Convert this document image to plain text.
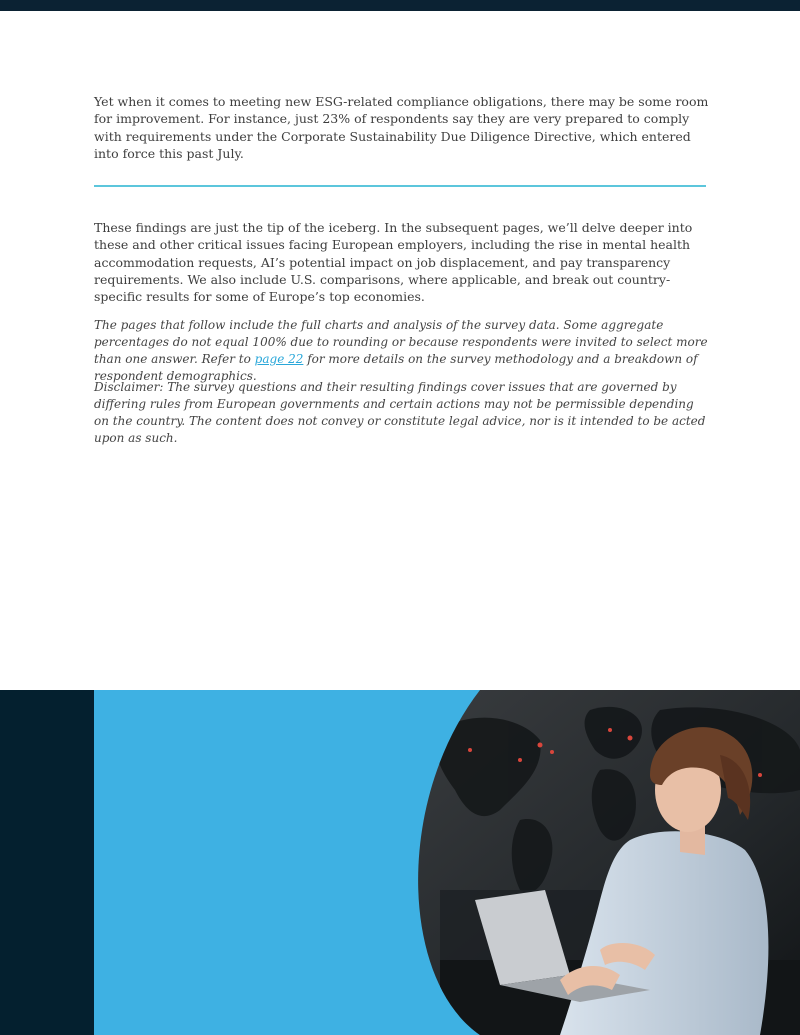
Yet when it comes to meeting new ESG-related compliance obligations, there may be some room for improvement. For instance, just 23% of respondents say they are very prepared to comply with requirements under the Corporate Sustainability Due Diligence Directive, which entered into force this past July.

These findings are just the tip of the iceberg. In the subsequent pages, we’ll delve deeper into these and other critical issues facing European employers, including the rise in mental health accommodation requests, AI’s potential impact on job displacement, and pay transparency requirements. We also include U.S. comparisons, where applicable, and break out country-specific results for some of Europe’s top economies.

The pages that follow include the full charts and analysis of the survey data. Some aggregate percentages do not equal 100% due to rounding or because respondents were invited to select more than one answer. Refer to page 22 for more details on the survey methodology and a breakdown of respondent demographics.

Disclaimer: The survey questions and their resulting findings cover issues that are governed by differing rules from European governments and certain actions may not be permissible depending on the country. The content does not convey or constitute legal advice, nor is it intended to be acted upon as such.
